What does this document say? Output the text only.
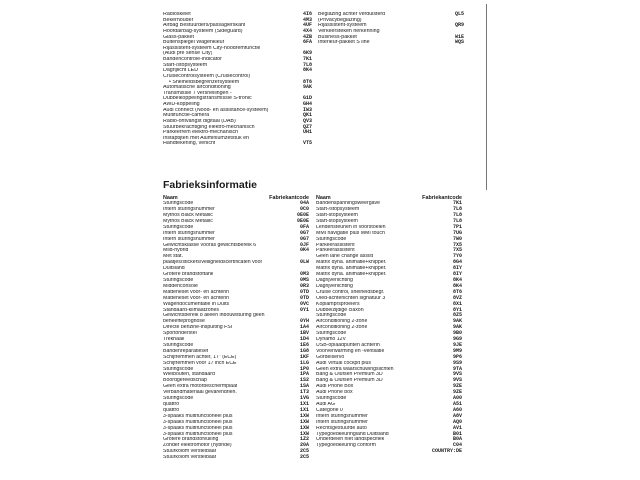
Radioskelet	4I6
Bekerhouder	4M3
Airbag Bestuurders/passagierskant	4UF
Hoofdairbag-systeem (Sideguard)	4X4
Glass-pakket	4ZB
Buitenspiegel Wagenkleur	6FA
Rijassistent-systeem City-noodremfunctie
(Audi pre sense City)	6K9
Bandencontrole-indicator	7K1
Start-/stopsysteem	7L8
Dagrijlicht LED	8K4
Cruisecontrolsysteem (Cruisecontrol)
• Snelheidsbegrenzersysteem	8T6
Automatische airconditioning	9AK
Transmissie 7 versnellingen -
Dubbelkoppelingstransmissie S-tronic	G1D
AWD-koppeling	GH4
Audi connect (Nood- en assistance-systeem)	IW3
Multifunctie-camera	QK1
Radio-ontvangst digitaal (DAB)	QV3
Stuurbekrachtiging elektro-mechanisch	QZ7
Parkeerrem elektro-mechanisch	UH1
Instaptijten met Aluminiumzetstuk en
Handtekening, verlicht	VT5
Beglazing achter verduisterd	QL5
(Privacybeglazing)
Rijassistent-systeem	QR9
Verkeersteken herkenning
Business-pakket	W1E
Interieur-pakket S line	WQS
Fabrieksinformatie
Naam	Fabriekantcode
Sturingscode	04A
Intern sturingsnummer	0C0
Mythos Black Metallic	0E0E
Mythos Black Metallic	0E0E
Sturingscode	0FA
Intern sturingsnummer	0G7
Intern sturingsnummer	0G7
Gewichtsklasse vooras gewichtsbereik 6	0JF
Mild-hybrid	0K4
Met stat.
plaatjes/stickers/veiligheidscertificaten voor	0LW
Duitsland
Grotere brandstoftank	0M3
Sturingscode	0MS
Middenconsole	0R3
Matteneset voor- en achterin	0TD
Matteneset voor- en achterin	0TD
Wagendocumentatie in Duits	0VC
Standaard-klimaatzones	0Y1
Gewichtsbereik 8 alleen inbouwsturing geen
beheefteprognose	0YH
Directe benzine-inspuiting FSI	1A4
Sportonderstel	1BV
Trekhaak	1D4
Sturingscode	1E6
Bandenreparatieset	1G8
Schijfremmen achter, 17" (ECE)	1KF
Schijfremmen voor 17 inch ECE	1LG
Sturingscode	1P0
Wielbouten, standaard	1PA
Boordgereedschap	1S2
Geen extra motorbeschermplaat	1SA
Verbandmateriaal gevarendrieh.	1T3
Sturingscode	1VG
quattro	1X1
quattro	1X1
3-spaaks multifunctioneel plus	1XW
3-spaaks multifunctioneel plus	1XW
3-spaaks multifunctioneel plus	1XW
3-spaaks multifunctioneel plus	1XW
Grotere brandstofvulling	1Z2
Zonder elektromotor (hybride)	20A
Stuurkolom verstelbaar	2C5
Stuurkolom verstelbaar	2C5
Naam	Fabriekantcode
Bandenspanningsweergave	7K1
Start-/stopsysteem	7L8
Start-stopsysteem	7L8
Start-stopsysteem	7L8
Lendensteunen in voorstoelen	7P1
MMI navigatie plus MMI touch	7UG
Sturingscode	7W0
Parkeerassistent	7X5
Parkeerassistent	7X5
Geen lane change assist	7Y0
Matrix dyna. animatie+knipper.	8G4
Matrix dyna. animatie+knipper.	8IY
Matrix dyna. animatie+knipper.	8IY
Dagrijverlichting	8K4
Dagrijverlichting	8K4
Cruise control, snelheidsbegr.	8T6
Oled-achterlichten signatuur 3	8VZ
Koplamprsproeiers	8X1
Dubbelzijdige claxon	8Y1
Sturingscode	8Z5
Airconditioning 2-zone	9AK
Airconditioning 2-zone	9AK
Sturingscode	9B0
Dynamo 12V	9G9
USB-oplaadpunten achterin	9JE
Voorverwarming en -ventilatie	9M9
Gordelservo	9P6
Audi Virtual cockpit plus	9S9
Geen extra waarschuwingslichten	9TA
Bang & Olufsen Premium 3D	9VS
Bang & Olufsen Premium 3D	9VS
Audi Phone Box	9ZE
Audi Phone box	9ZE
Sturingscode	A00
Audi AG	A51
Categorie 0	A60
Intern sturingsnummer	A8V
Intern sturingsnummer	AQ0
Rechtsgestuurde auto	AV1
Typegoedkeuringland Duitsland	B01
Onderdelen niet landspecifiek	B0A
Typegoedkeuring conform	C04
COUNTRY:DE
